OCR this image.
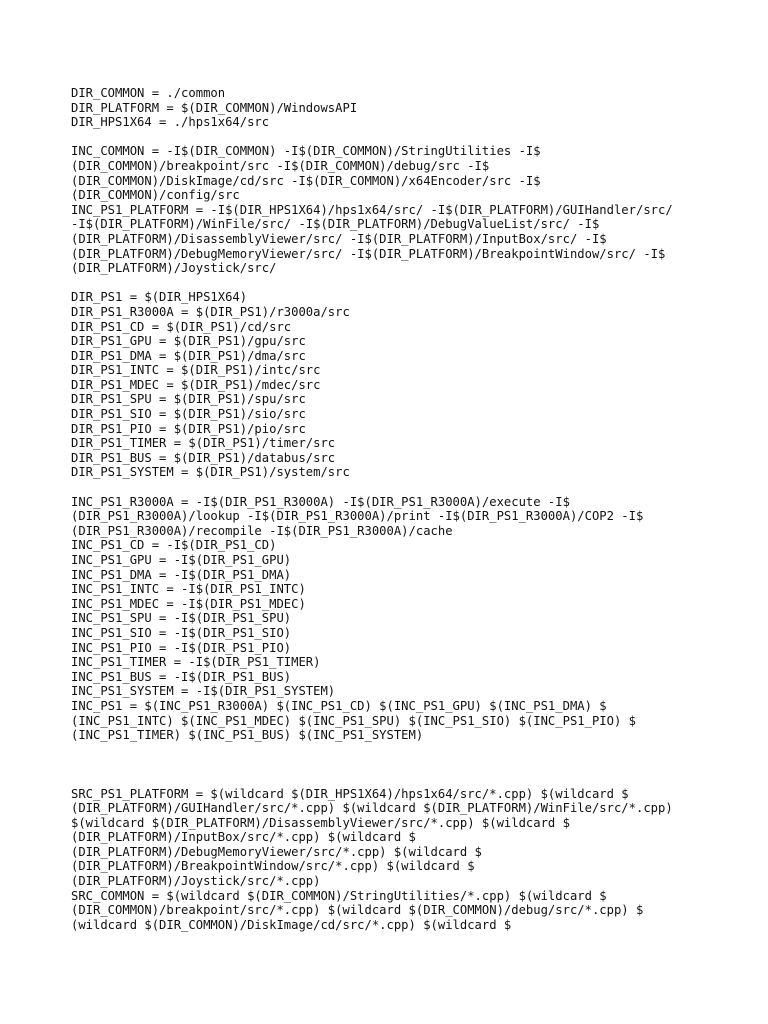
DIR_COMMON = ./common
DIR_PLATFORM = $(DIR_COMMON)/WindowsAPI
DIR_HPS1X64 = ./hps1x64/src
INC_COMMON = -I$(DIR_COMMON) -I$(DIR_COMMON)/StringUtilities -I$
(DIR_COMMON)/breakpoint/src -I$(DIR_COMMON)/debug/src -I$
(DIR_COMMON)/DiskImage/cd/src -I$(DIR_COMMON)/x64Encoder/src -I$
(DIR_COMMON)/config/src
INC_PS1_PLATFORM = -I$(DIR_HPS1X64)/hps1x64/src/ -I$(DIR_PLATFORM)/GUIHandler/src/
-I$(DIR_PLATFORM)/WinFile/src/ -I$(DIR_PLATFORM)/DebugValueList/src/ -I$
(DIR_PLATFORM)/DisassemblyViewer/src/ -I$(DIR_PLATFORM)/InputBox/src/ -I$
(DIR_PLATFORM)/DebugMemoryViewer/src/ -I$(DIR_PLATFORM)/BreakpointWindow/src/ -I$
(DIR_PLATFORM)/Joystick/src/
DIR_PS1 = $(DIR_HPS1X64)
DIR_PS1_R3000A = $(DIR_PS1)/r3000a/src
DIR_PS1_CD = $(DIR_PS1)/cd/src
DIR_PS1_GPU = $(DIR_PS1)/gpu/src
DIR_PS1_DMA = $(DIR_PS1)/dma/src
DIR_PS1_INTC = $(DIR_PS1)/intc/src
DIR_PS1_MDEC = $(DIR_PS1)/mdec/src
DIR_PS1_SPU = $(DIR_PS1)/spu/src
DIR_PS1_SIO = $(DIR_PS1)/sio/src
DIR_PS1_PIO = $(DIR_PS1)/pio/src
DIR_PS1_TIMER = $(DIR_PS1)/timer/src
DIR_PS1_BUS = $(DIR_PS1)/databus/src
DIR_PS1_SYSTEM = $(DIR_PS1)/system/src
INC_PS1_R3000A = -I$(DIR_PS1_R3000A) -I$(DIR_PS1_R3000A)/execute -I$
(DIR_PS1_R3000A)/lookup -I$(DIR_PS1_R3000A)/print -I$(DIR_PS1_R3000A)/COP2 -I$
(DIR_PS1_R3000A)/recompile -I$(DIR_PS1_R3000A)/cache
INC_PS1_CD = -I$(DIR_PS1_CD)
INC_PS1_GPU = -I$(DIR_PS1_GPU)
INC_PS1_DMA = -I$(DIR_PS1_DMA)
INC_PS1_INTC = -I$(DIR_PS1_INTC)
INC_PS1_MDEC = -I$(DIR_PS1_MDEC)
INC_PS1_SPU = -I$(DIR_PS1_SPU)
INC_PS1_SIO = -I$(DIR_PS1_SIO)
INC_PS1_PIO = -I$(DIR_PS1_PIO)
INC_PS1_TIMER = -I$(DIR_PS1_TIMER)
INC_PS1_BUS = -I$(DIR_PS1_BUS)
INC_PS1_SYSTEM = -I$(DIR_PS1_SYSTEM)
INC_PS1 = $(INC_PS1_R3000A) $(INC_PS1_CD) $(INC_PS1_GPU) $(INC_PS1_DMA) $
(INC_PS1_INTC) $(INC_PS1_MDEC) $(INC_PS1_SPU) $(INC_PS1_SIO) $(INC_PS1_PIO) $
(INC_PS1_TIMER) $(INC_PS1_BUS) $(INC_PS1_SYSTEM)
SRC_PS1_PLATFORM = $(wildcard $(DIR_HPS1X64)/hps1x64/src/*.cpp) $(wildcard $
(DIR_PLATFORM)/GUIHandler/src/*.cpp) $(wildcard $(DIR_PLATFORM)/WinFile/src/*.cpp)
$(wildcard $(DIR_PLATFORM)/DisassemblyViewer/src/*.cpp) $(wildcard $
(DIR_PLATFORM)/InputBox/src/*.cpp) $(wildcard $
(DIR_PLATFORM)/DebugMemoryViewer/src/*.cpp) $(wildcard $
(DIR_PLATFORM)/BreakpointWindow/src/*.cpp) $(wildcard $
(DIR_PLATFORM)/Joystick/src/*.cpp)
SRC_COMMON = $(wildcard $(DIR_COMMON)/StringUtilities/*.cpp) $(wildcard $
(DIR_COMMON)/breakpoint/src/*.cpp) $(wildcard $(DIR_COMMON)/debug/src/*.cpp) $
(wildcard $(DIR_COMMON)/DiskImage/cd/src/*.cpp) $(wildcard $
